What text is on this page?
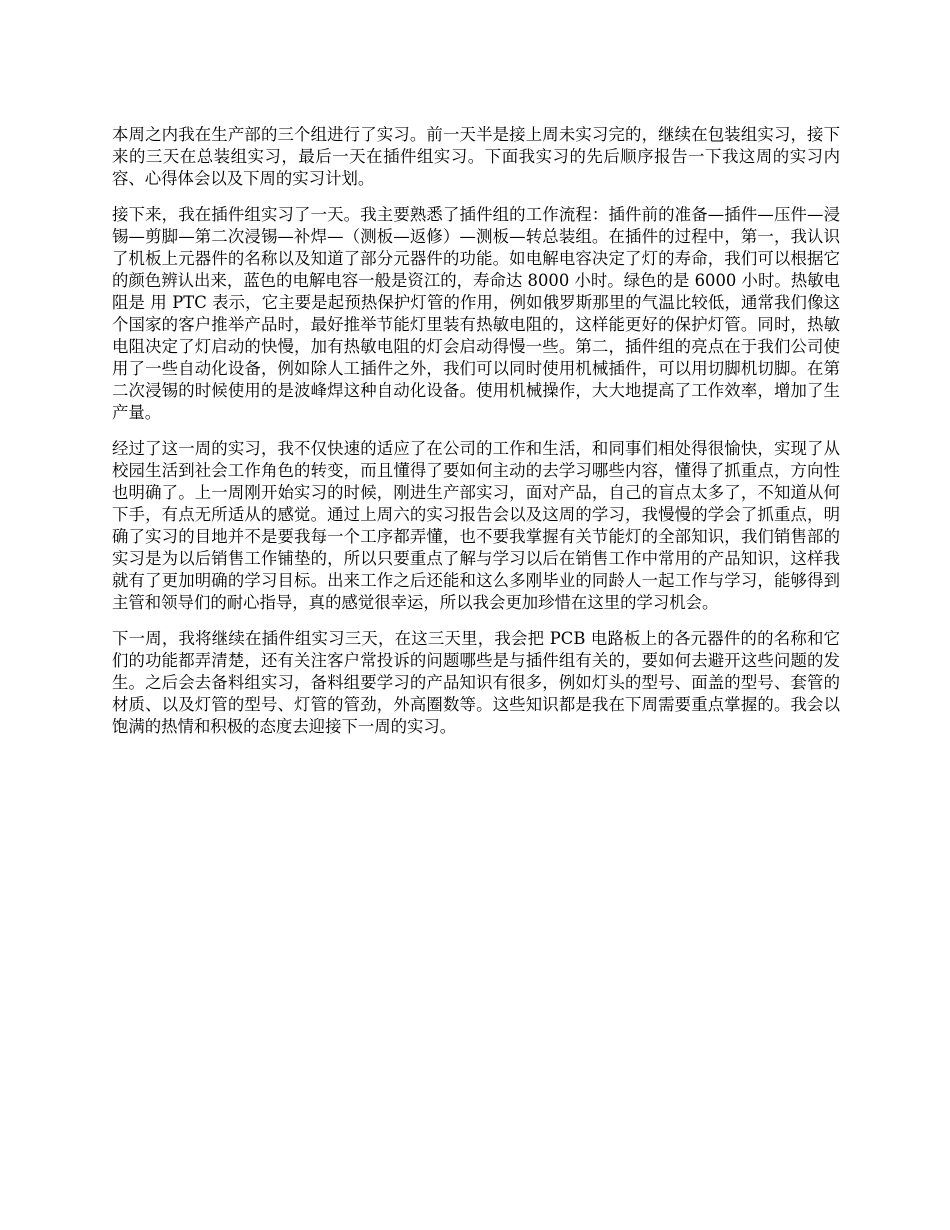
本周之内我在生产部的三个组进行了实习。前一天半是接上周未实习完的，继续在包装组实习，接下来的三天在总装组实习，最后一天在插件组实习。下面我实习的先后顺序报告一下我这周的实习内容、心得体会以及下周的实习计划。

接下来，我在插件组实习了一天。我主要熟悉了插件组的工作流程：插件前的准备—插件—压件—浸锡—剪脚—第二次浸锡—补焊—（测板—返修）—测板—转总装组。在插件的过程中，第一，我认识了机板上元器件的名称以及知道了部分元器件的功能。如电解电容决定了灯的寿命，我们可以根据它的颜色辨认出来，蓝色的电解电容一般是资江的，寿命达 8000 小时。绿色的是 6000 小时。热敏电阻是 用 PTC 表示，它主要是起预热保护灯管的作用，例如俄罗斯那里的气温比较低，通常我们像这个国家的客户推举产品时，最好推举节能灯里装有热敏电阻的，这样能更好的保护灯管。同时，热敏电阻决定了灯启动的快慢，加有热敏电阻的灯会启动得慢一些。第二，插件组的亮点在于我们公司使用了一些自动化设备，例如除人工插件之外，我们可以同时使用机械插件，可以用切脚机切脚。在第二次浸锡的时候使用的是波峰焊这种自动化设备。使用机械操作，大大地提高了工作效率，增加了生产量。

经过了这一周的实习，我不仅快速的适应了在公司的工作和生活，和同事们相处得很愉快，实现了从校园生活到社会工作角色的转变，而且懂得了要如何主动的去学习哪些内容，懂得了抓重点，方向性也明确了。上一周刚开始实习的时候，刚进生产部实习，面对产品，自己的盲点太多了，不知道从何下手，有点无所适从的感觉。通过上周六的实习报告会以及这周的学习，我慢慢的学会了抓重点，明确了实习的目地并不是要我每一个工序都弄懂，也不要我掌握有关节能灯的全部知识，我们销售部的实习是为以后销售工作铺垫的，所以只要重点了解与学习以后在销售工作中常用的产品知识，这样我就有了更加明确的学习目标。出来工作之后还能和这么多刚毕业的同龄人一起工作与学习，能够得到主管和领导们的耐心指导，真的感觉很幸运，所以我会更加珍惜在这里的学习机会。

下一周，我将继续在插件组实习三天，在这三天里，我会把 PCB 电路板上的各元器件的的名称和它们的功能都弄清楚，还有关注客户常投诉的问题哪些是与插件组有关的，要如何去避开这些问题的发生。之后会去备料组实习，备料组要学习的产品知识有很多，例如灯头的型号、面盖的型号、套管的材质、以及灯管的型号、灯管的管劲，外高圈数等。这些知识都是我在下周需要重点掌握的。我会以饱满的热情和积极的态度去迎接下一周的实习。
